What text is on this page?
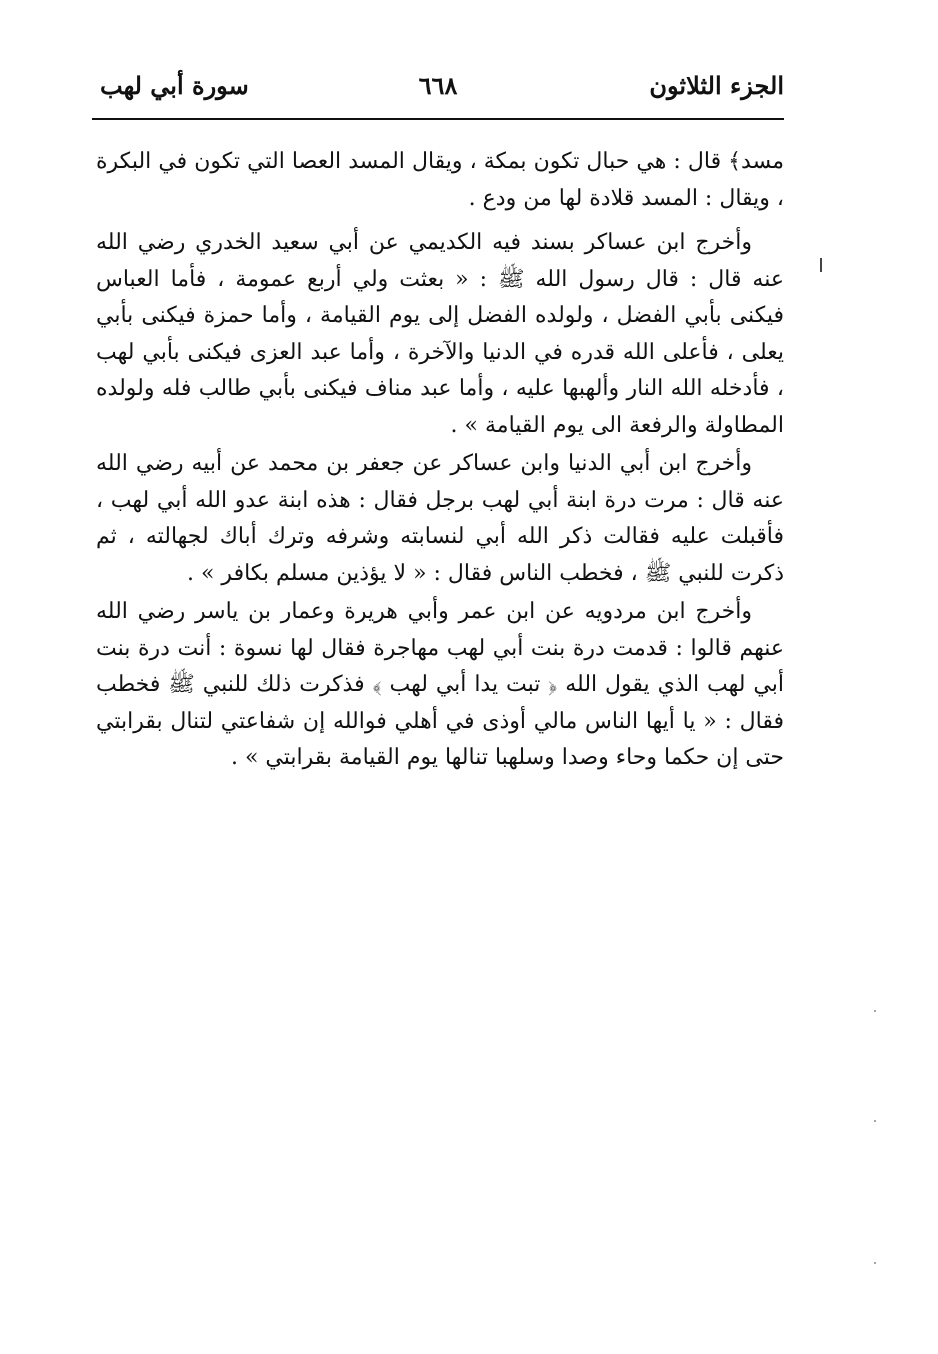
الجزء الثلاثون
٦٦٨
سورة أبي لهب

مسد﴾ قال : هي حبال تكون بمكة ، ويقال المسد العصا التي تكون في البكرة ، ويقال : المسد قلادة لها من ودع .

وأخرج ابن عساكر بسند فيه الكديمي عن أبي سعيد الخدري رضي الله عنه قال : قال رسول الله ﷺ : « بعثت ولي أربع عمومة ، فأما العباس فيكنى بأبي الفضل ، ولولده الفضل إلى يوم القيامة ، وأما حمزة فيكنى بأبي يعلى ، فأعلى الله قدره في الدنيا والآخرة ، وأما عبد العزى فيكنى بأبي لهب ، فأدخله الله النار وألهبها عليه ، وأما عبد مناف فيكنى بأبي طالب فله ولولده المطاولة والرفعة الى يوم القيامة » .

وأخرج ابن أبي الدنيا وابن عساكر عن جعفر بن محمد عن أبيه رضي الله عنه قال : مرت درة ابنة أبي لهب برجل فقال : هذه ابنة عدو الله أبي لهب ، فأقبلت عليه فقالت ذكر الله أبي لنسابته وشرفه وترك أباك لجهالته ، ثم ذكرت للنبي ﷺ ، فخطب الناس فقال : « لا يؤذين مسلم بكافر » .

وأخرج ابن مردويه عن ابن عمر وأبي هريرة وعمار بن ياسر رضي الله عنهم قالوا : قدمت درة بنت أبي لهب مهاجرة فقال لها نسوة : أنت درة بنت أبي لهب الذي يقول الله ﴿ تبت يدا أبي لهب ﴾ فذكرت ذلك للنبي ﷺ فخطب فقال : « يا أيها الناس مالي أوذى في أهلي فوالله إن شفاعتي لتنال بقرابتي حتى إن حكما وحاء وصدا وسلهبا تنالها يوم القيامة بقرابتي » .
